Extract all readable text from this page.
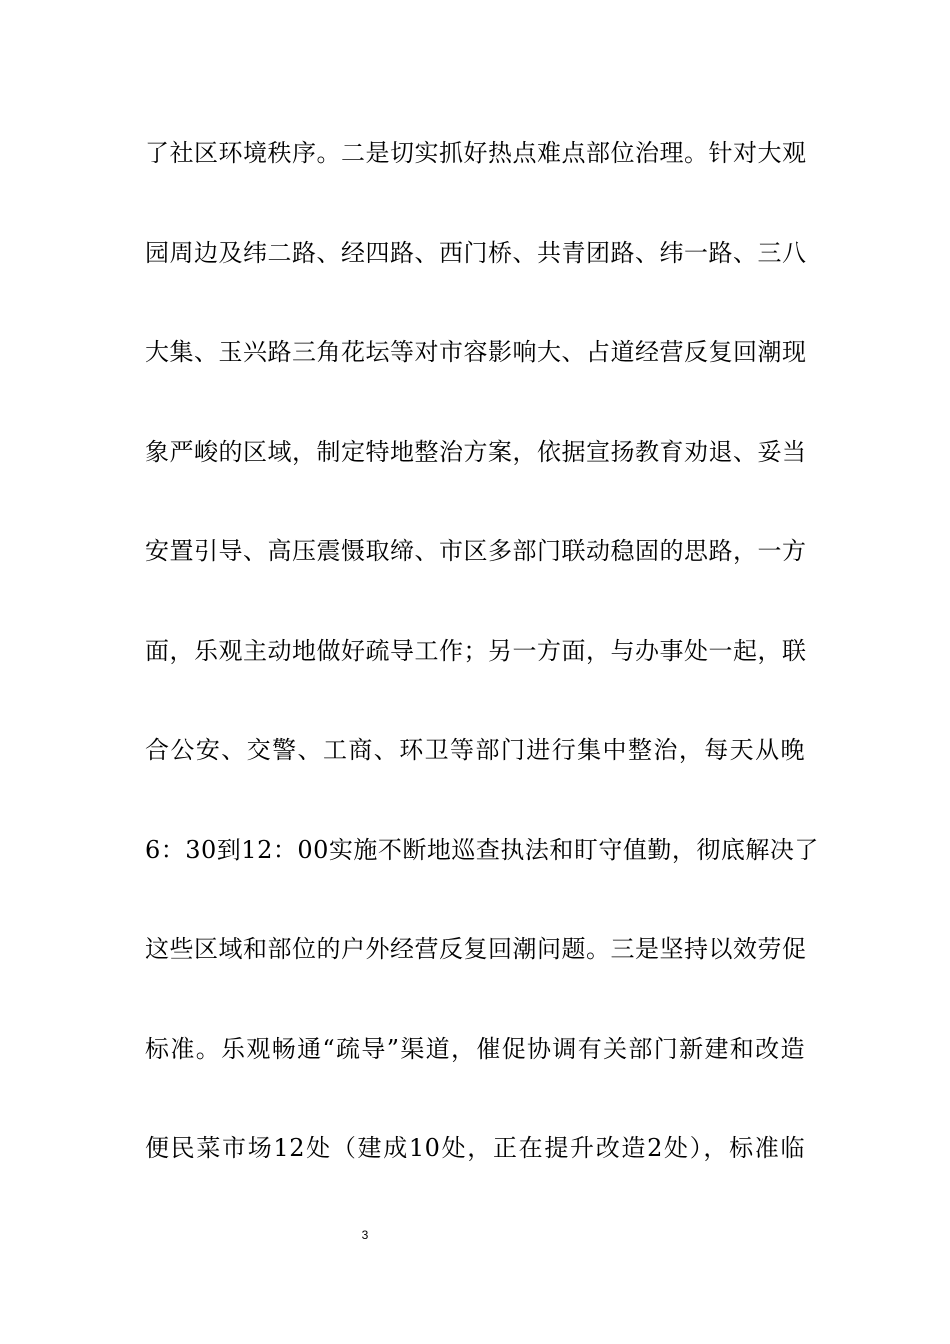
了社区环境秩序。二是切实抓好热点难点部位治理。针对大观
园周边及纬二路、经四路、西门桥、共青团路、纬一路、三八
大集、玉兴路三角花坛等对市容影响大、占道经营反复回潮现
象严峻的区域，制定特地整治方案，依据宣扬教育劝退、妥当
安置引导、高压震慑取缔、市区多部门联动稳固的思路，一方
面，乐观主动地做好疏导工作；另一方面，与办事处一起，联
合公安、交警、工商、环卫等部门进行集中整治，每天从晚
6：30到12：00实施不断地巡查执法和盯守值勤，彻底解决了
这些区域和部位的户外经营反复回潮问题。三是坚持以效劳促
标准。乐观畅通“疏导”渠道，催促协调有关部门新建和改造
便民菜市场12处（建成10处，正在提升改造2处），标准临
3
